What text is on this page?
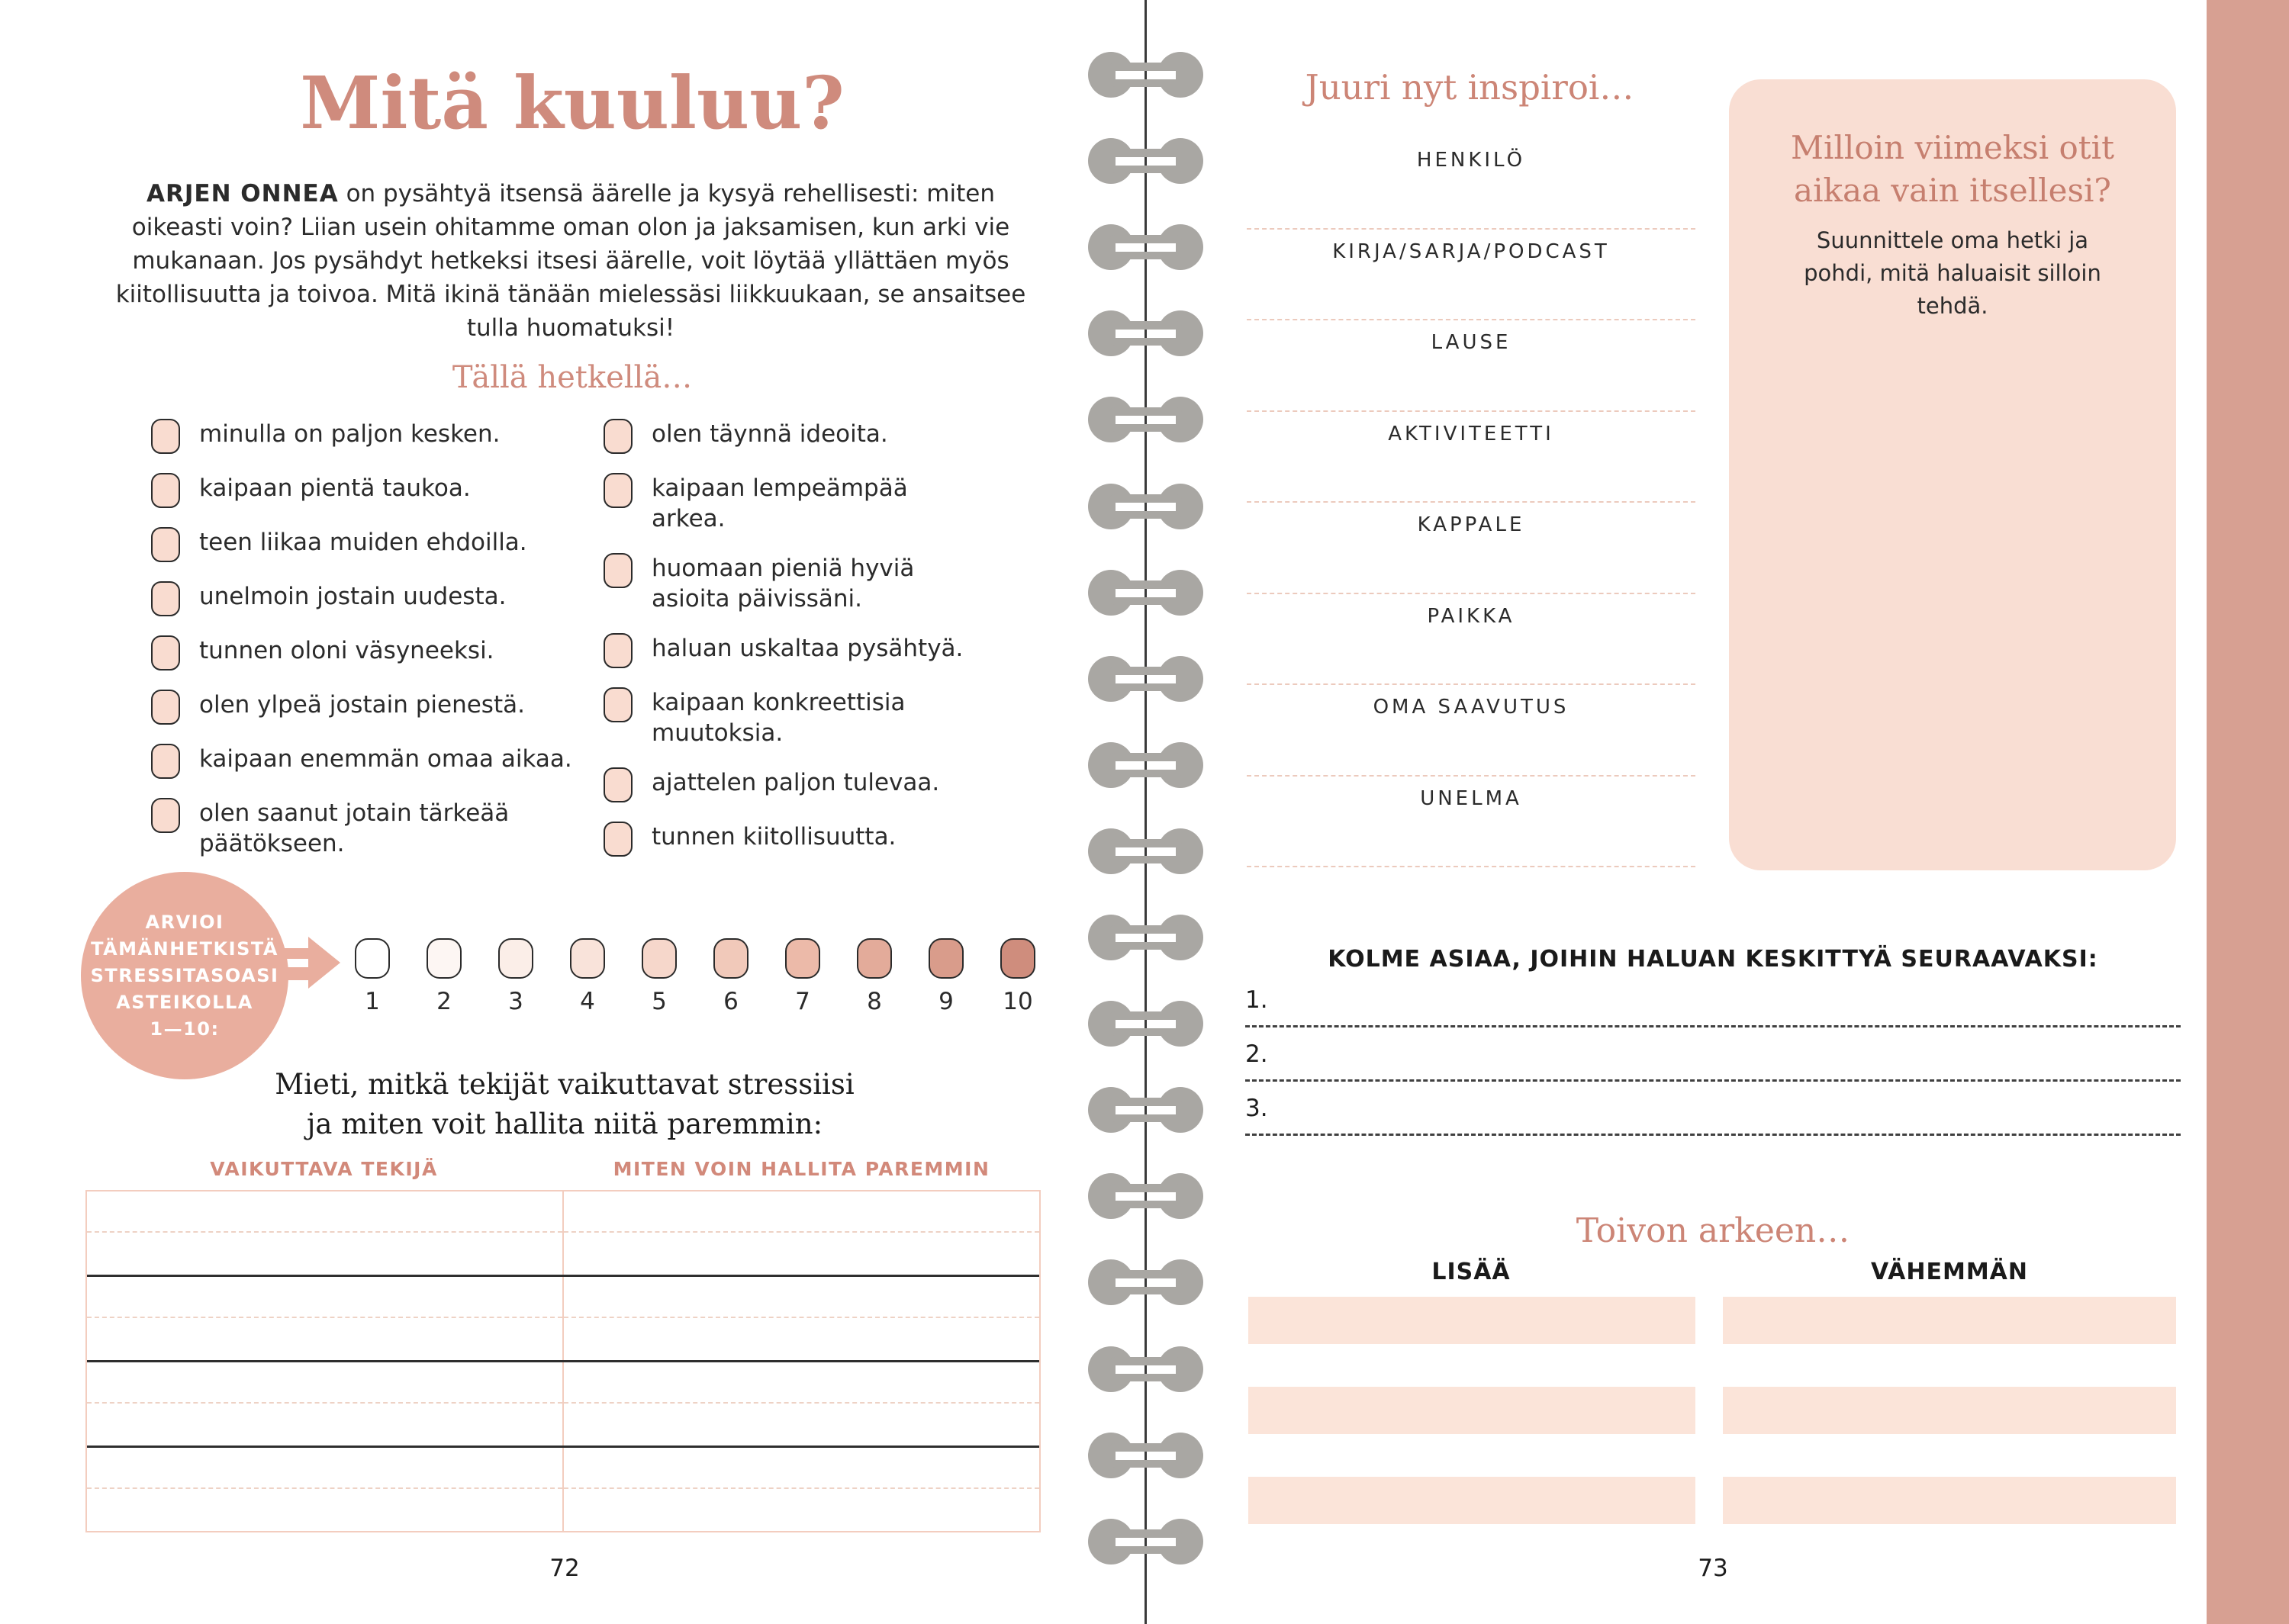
Mitä kuuluu?
ARJEN ONNEA on pysähtyä itsensä äärelle ja kysyä rehellisesti: miten oikeasti voin? Liian usein ohitamme oman olon ja jaksamisen, kun arki vie mukanaan. Jos pysähdyt hetkeksi itsesi äärelle, voit löytää yllättäen myös kiitollisuutta ja toivoa. Mitä ikinä tänään mielessäsi liikkuukaan, se ansaitsee tulla huomatuksi!
Tällä hetkellä…
minulla on paljon kesken.
kaipaan pientä taukoa.
teen liikaa muiden ehdoilla.
unelmoin jostain uudesta.
tunnen oloni väsyneeksi.
olen ylpeä jostain pienestä.
kaipaan enemmän omaa aikaa.
olen saanut jotain tärkeää päätökseen.
olen täynnä ideoita.
kaipaan lempeämpää arkea.
huomaan pieniä hyviä asioita päivissäni.
haluan uskaltaa pysähtyä.
kaipaan konkreettisia muutoksia.
ajattelen paljon tulevaa.
tunnen kiitollisuutta.
ARVIOI
TÄMÄNHETKISTÄ
STRESSITASOASI
ASTEIKOLLA
1—10:
1 2 3 4 5 6 7 8 9 10
Mieti, mitkä tekijät vaikuttavat stressiisi
ja miten voit hallita niitä paremmin:
VAIKUTTAVA TEKIJÄ	MITEN VOIN HALLITA PAREMMIN
72
Juuri nyt inspiroi…
HENKILÖ
KIRJA/SARJA/PODCAST
LAUSE
AKTIVITEETTI
KAPPALE
PAIKKA
OMA SAAVUTUS
UNELMA
Milloin viimeksi otit
aikaa vain itsellesi?
Suunnittele oma hetki ja pohdi, mitä haluaisit silloin tehdä.
KOLME ASIAA, JOIHIN HALUAN KESKITTYÄ SEURAAVAKSI:
1.
2.
3.
Toivon arkeen…
LISÄÄ	VÄHEMMÄN
73
